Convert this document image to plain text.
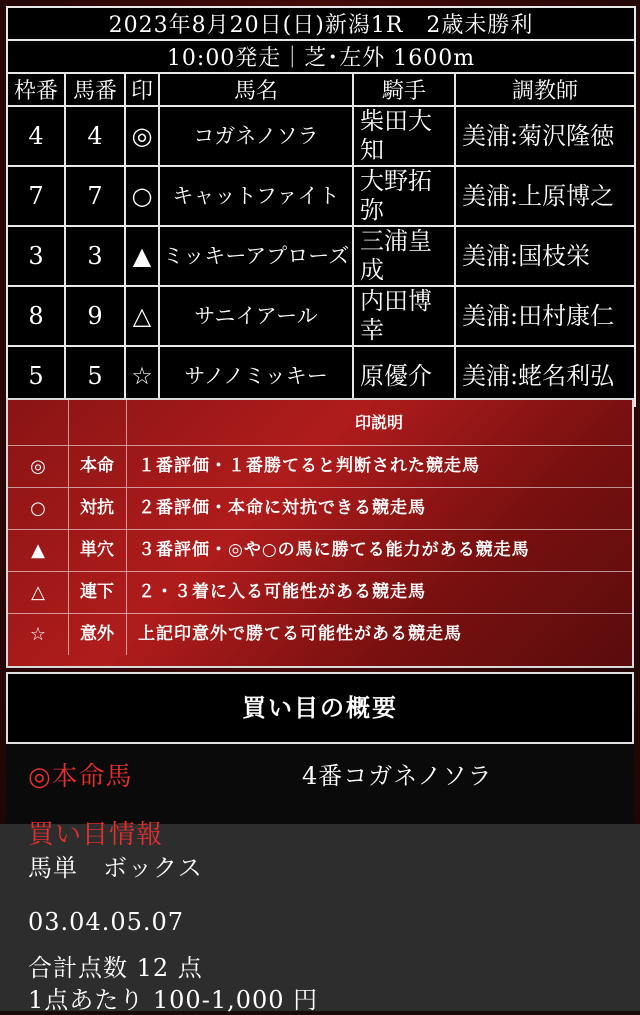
2023年8月20日(日)新潟1R　2歳未勝利					
10:00発走｜芝･左外 1600m					
枠番	馬番	印	馬名	騎手	調教師
4	4	◎	コガネノソラ	柴田大知	美浦:菊沢隆徳
7	7	○	キャットファイト	大野拓弥	美浦:上原博之
3	3	▲	ミッキーアプローズ	三浦皇成	美浦:国枝栄
8	9	△	サニイアール	内田博幸	美浦:田村康仁
5	5	☆	サノノミッキー	原優介	美浦:蛯名利弘
印説明
◎	本命	１番評価・１番勝てると判断された競走馬
○	対抗	２番評価・本命に対抗できる競走馬
▲	単穴	３番評価・◎や○の馬に勝てる能力がある競走馬
△	連下	２・３着に入る可能性がある競走馬
☆	意外	上記印意外で勝てる可能性がある競走馬
買い目の概要
◎本命馬	4番コガネノソラ
買い目情報
馬単　ボックス
03.04.05.07
合計点数 12 点
1点あたり 100-1,000 円
